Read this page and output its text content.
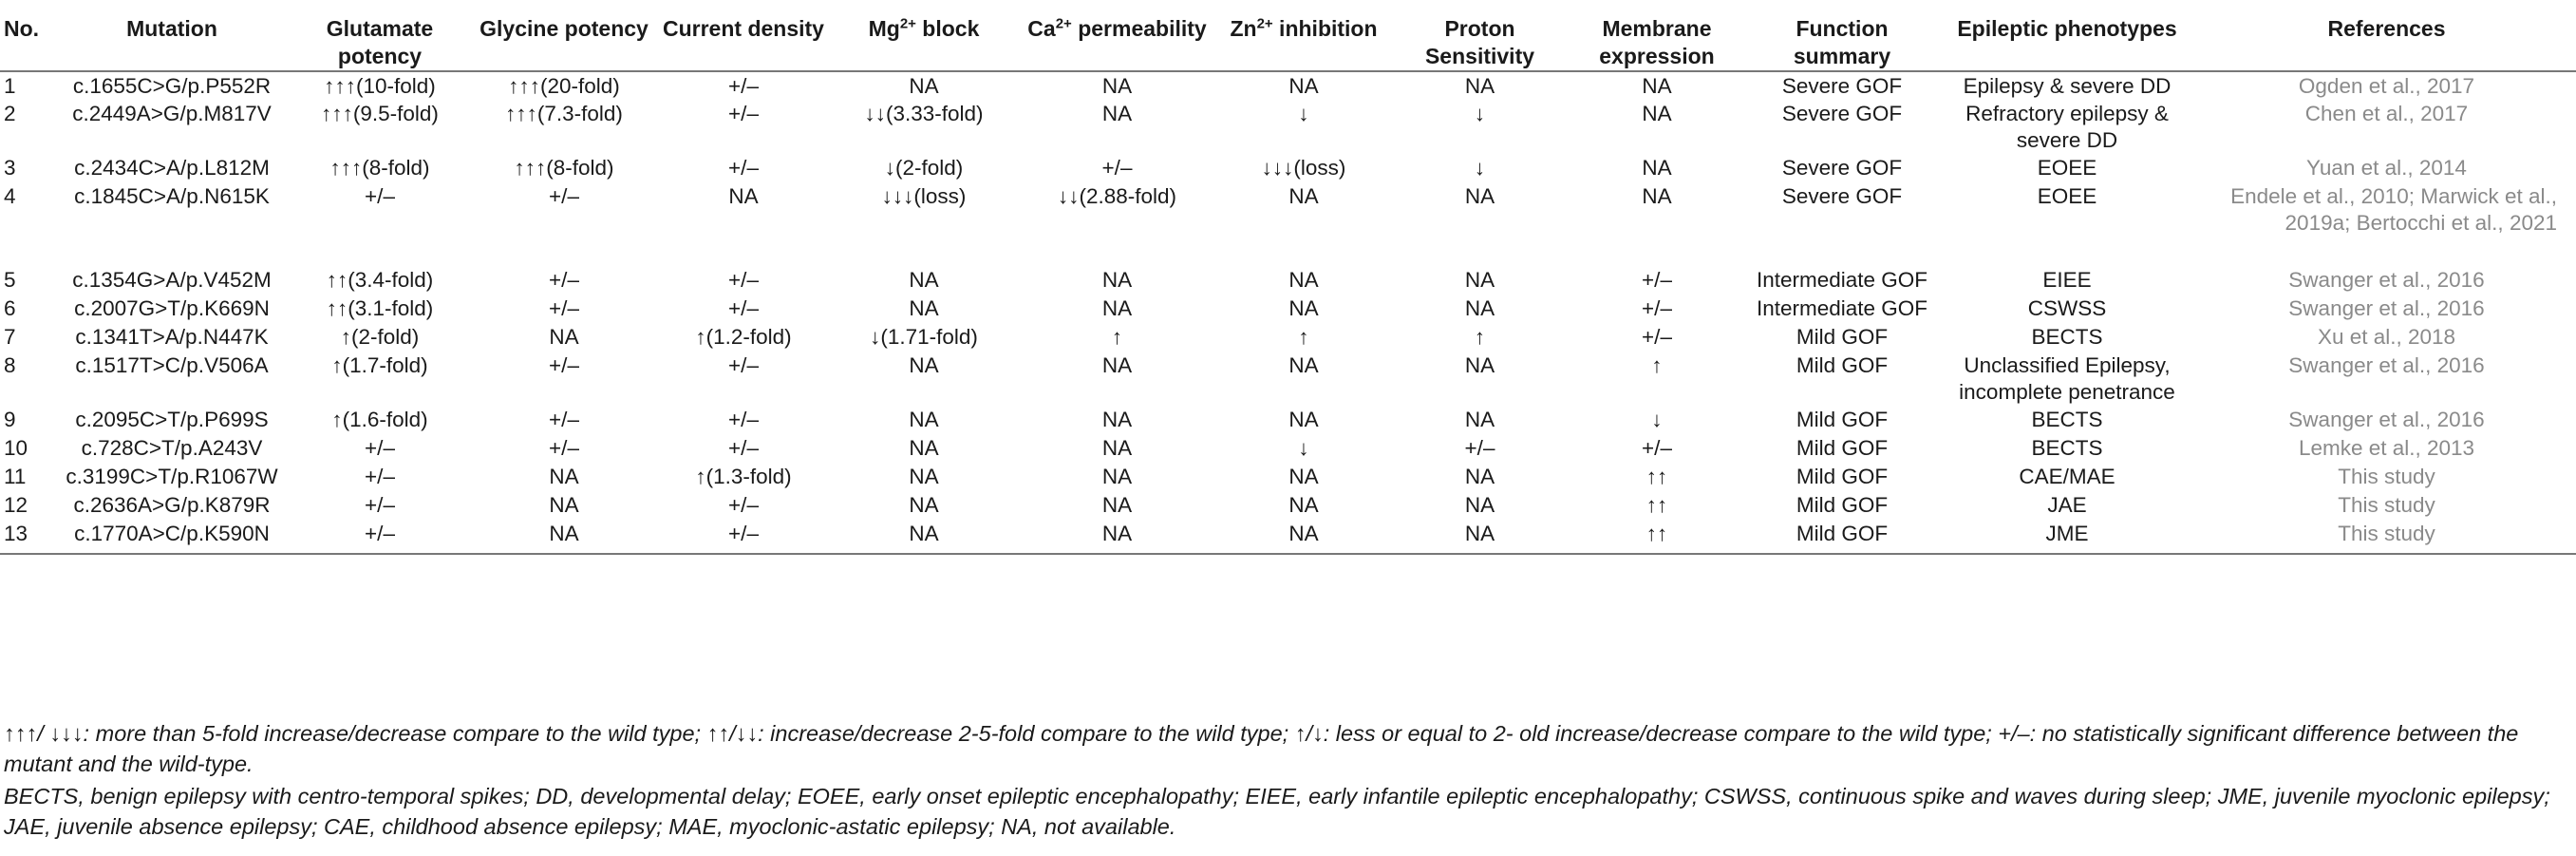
No.	Mutation	Glutamate potency	Glycine potency	Current density	$Mg^{2+}$ block	$Ca^{2+}$ permeability	$Zn^{2+}$ inhibition	Proton Sensitivity	Membrane expression	Function summary	Epileptic phenotypes	References
1	c.1655C>G/p.P552R	↑↑↑(10-fold)	↑↑↑(20-fold)	+/–	NA	NA	NA	NA	NA	Severe GOF	Epilepsy & severe DD	Ogden et al., 2017
2	c.2449A>G/p.M817V	↑↑↑(9.5-fold)	↑↑↑(7.3-fold)	+/–	↓↓(3.33-fold)	NA	↓	↓	NA	Severe GOF	Refractory epilepsy & severe DD	Chen et al., 2017
3	c.2434C>A/p.L812M	↑↑↑(8-fold)	↑↑↑(8-fold)	+/–	↓(2-fold)	+/–	↓↓↓(loss)	↓	NA	Severe GOF	EOEE	Yuan et al., 2014
4	c.1845C>A/p.N615K	+/–	+/–	NA	↓↓↓(loss)	↓↓(2.88-fold)	NA	NA	NA	Severe GOF	EOEE	Endele et al., 2010; Marwick et al., 2019a; Bertocchi et al., 2021
5	c.1354G>A/p.V452M	↑↑(3.4-fold)	+/–	+/–	NA	NA	NA	NA	+/–	Intermediate GOF	EIEE	Swanger et al., 2016
6	c.2007G>T/p.K669N	↑↑(3.1-fold)	+/–	+/–	NA	NA	NA	NA	+/–	Intermediate GOF	CSWSS	Swanger et al., 2016
7	c.1341T>A/p.N447K	↑(2-fold)	NA	↑(1.2-fold)	↓(1.71-fold)	↑	↑	↑	+/–	Mild GOF	BECTS	Xu et al., 2018
8	c.1517T>C/p.V506A	↑(1.7-fold)	+/–	+/–	NA	NA	NA	NA	↑	Mild GOF	Unclassified Epilepsy, incomplete penetrance	Swanger et al., 2016
9	c.2095C>T/p.P699S	↑(1.6-fold)	+/–	+/–	NA	NA	NA	NA	↓	Mild GOF	BECTS	Swanger et al., 2016
10	c.728C>T/p.A243V	+/–	+/–	+/–	NA	NA	↓	+/–	+/–	Mild GOF	BECTS	Lemke et al., 2013
11	c.3199C>T/p.R1067W	+/–	NA	↑(1.3-fold)	NA	NA	NA	NA	↑↑	Mild GOF	CAE/MAE	This study
12	c.2636A>G/p.K879R	+/–	NA	+/–	NA	NA	NA	NA	↑↑	Mild GOF	JAE	This study
13	c.1770A>C/p.K590N	+/–	NA	+/–	NA	NA	NA	NA	↑↑	Mild GOF	JME	This study

↑↑↑/ ↓↓↓: more than 5-fold increase/decrease compare to the wild type; ↑↑/↓↓: increase/decrease 2-5-fold compare to the wild type; ↑/↓: less or equal to 2- old increase/decrease compare to the wild type; +/–: no statistically significant difference between the mutant and the wild-type.

BECTS, benign epilepsy with centro-temporal spikes; DD, developmental delay; EOEE, early onset epileptic encephalopathy; EIEE, early infantile epileptic encephalopathy; CSWSS, continuous spike and waves during sleep; JME, juvenile myoclonic epilepsy; JAE, juvenile absence epilepsy; CAE, childhood absence epilepsy; MAE, myoclonic-astatic epilepsy; NA, not available.
